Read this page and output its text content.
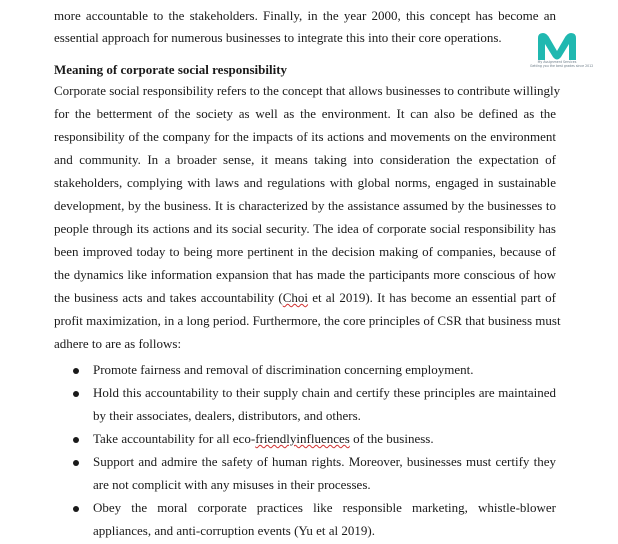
more accountable to the stakeholders. Finally, in the year 2000, this concept has become an
essential approach for numerous businesses to integrate this into their core operations.
My Assignment Services
Getting you the best grades since 2012
Meaning of corporate social responsibility
Corporate social responsibility refers to the concept that allows businesses to contribute willingly
for the betterment of the society as well as the environment. It can also be defined as the
responsibility of the company for the impacts of its actions and movements on the environment
and community. In a broader sense, it means taking into consideration the expectation of
stakeholders, complying with laws and regulations with global norms, engaged in sustainable
development, by the business. It is characterized by the assistance assumed by the businesses to
people through its actions and its social security. The idea of corporate social responsibility has
been improved today to being more pertinent in the decision making of companies, because of
the dynamics like information expansion that has made the participants more conscious of how
the business acts and takes accountability (Choi et al 2019). It has become an essential part of
profit maximization, in a long period. Furthermore, the core principles of CSR that business must
adhere to are as follows:
Promote fairness and removal of discrimination concerning employment.
Hold this accountability to their supply chain and certify these principles are maintained
by their associates, dealers, distributors, and others.
Take accountability for all eco-friendlyinfluences of the business.
Support and admire the safety of human rights. Moreover, businesses must certify they
are not complicit with any misuses in their processes.
Obey the moral corporate practices like responsible marketing, whistle-blower
appliances, and anti-corruption events (Yu et al 2019).
